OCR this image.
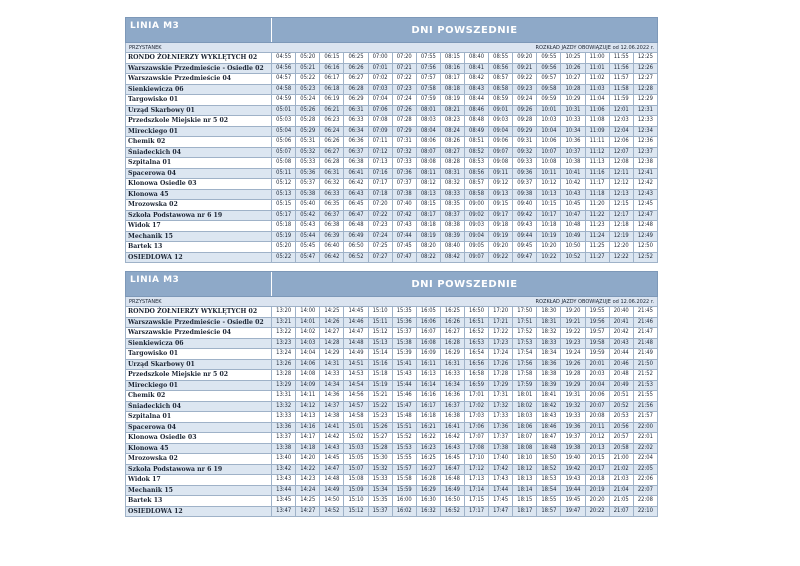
LINIA M3	DNI POWSZEDNIE
PRZYSTANEK	ROZKŁAD JAZDY OBOWIĄZUJE od 12.06.2022 r.
RONDO ŻOŁNIERZY WYKLĘTYCH 02	04:55	05:20	06:15	06:25	07:00	07:20	07:55	08:15	08:40	08:55	09:20	09:55	10:25	11:00	11:55	12:25
Warszawskie Przedmieście - Osiedle 02	04:56	05:21	06:16	06:26	07:01	07:21	07:56	08:16	08:41	08:56	09:21	09:56	10:26	11:01	11:56	12:26
Warszawskie Przedmieście 04	04:57	05:22	06:17	06:27	07:02	07:22	07:57	08:17	08:42	08:57	09:22	09:57	10:27	11:02	11:57	12:27
Sienkiewicza 06	04:58	05:23	06:18	06:28	07:03	07:23	07:58	08:18	08:43	08:58	09:23	09:58	10:28	11:03	11:58	12:28
Targowisko 01	04:59	05:24	06:19	06:29	07:04	07:24	07:59	08:19	08:44	08:59	09:24	09:59	10:29	11:04	11:59	12:29
Urząd Skarbowy 01	05:01	05:26	06:21	06:31	07:06	07:26	08:01	08:21	08:46	09:01	09:26	10:01	10:31	11:06	12:01	12:31
Przedszkole Miejskie nr 5 02	05:03	05:28	06:23	06:33	07:08	07:28	08:03	08:23	08:48	09:03	09:28	10:03	10:33	11:08	12:03	12:33
Mireckiego 01	05:04	05:29	06:24	06:34	07:09	07:29	08:04	08:24	08:49	09:04	09:29	10:04	10:34	11:09	12:04	12:34
Chemik 02	05:06	05:31	06:26	06:36	07:11	07:31	08:06	08:26	08:51	09:06	09:31	10:06	10:36	11:11	12:06	12:36
Śniadeckich 04	05:07	05:32	06:27	06:37	07:12	07:32	08:07	08:27	08:52	09:07	09:32	10:07	10:37	11:12	12:07	12:37
Szpitalna 01	05:08	05:33	06:28	06:38	07:13	07:33	08:08	08:28	08:53	09:08	09:33	10:08	10:38	11:13	12:08	12:38
Spacerowa 04	05:11	05:36	06:31	06:41	07:16	07:36	08:11	08:31	08:56	09:11	09:36	10:11	10:41	11:16	12:11	12:41
Klonowa Osiedle 03	05:12	05:37	06:32	06:42	07:17	07:37	08:12	08:32	08:57	09:12	09:37	10:12	10:42	11:17	12:12	12:42
Klonowa 45	05:13	05:38	06:33	06:43	07:18	07:38	08:13	08:33	08:58	09:13	09:38	10:13	10:43	11:18	12:13	12:43
Mrozowska 02	05:15	05:40	06:35	06:45	07:20	07:40	08:15	08:35	09:00	09:15	09:40	10:15	10:45	11:20	12:15	12:45
Szkoła Podstawowa nr 6 19	05:17	05:42	06:37	06:47	07:22	07:42	08:17	08:37	09:02	09:17	09:42	10:17	10:47	11:22	12:17	12:47
Widok 17	05:18	05:43	06:38	06:48	07:23	07:43	08:18	08:38	09:03	09:18	09:43	10:18	10:48	11:23	12:18	12:48
Mechanik 15	05:19	05:44	06:39	06:49	07:24	07:44	08:19	08:39	09:04	09:19	09:44	10:19	10:49	11:24	12:19	12:49
Bartek 13	05:20	05:45	06:40	06:50	07:25	07:45	08:20	08:40	09:05	09:20	09:45	10:20	10:50	11:25	12:20	12:50
OSIEDLOWA 12	05:22	05:47	06:42	06:52	07:27	07:47	08:22	08:42	09:07	09:22	09:47	10:22	10:52	11:27	12:22	12:52
LINIA M3	DNI POWSZEDNIE
PRZYSTANEK	ROZKŁAD JAZDY OBOWIĄZUJE od 12.06.2022 r.
RONDO ŻOŁNIERZY WYKLĘTYCH 02	13:20	14:00	14:25	14:45	15:10	15:35	16:05	16:25	16:50	17:20	17:50	18:30	19:20	19:55	20:40	21:45
Warszawskie Przedmieście - Osiedle 02	13:21	14:01	14:26	14:46	15:11	15:36	16:06	16:26	16:51	17:21	17:51	18:31	19:21	19:56	20:41	21:46
Warszawskie Przedmieście 04	13:22	14:02	14:27	14:47	15:12	15:37	16:07	16:27	16:52	17:22	17:52	18:32	19:22	19:57	20:42	21:47
Sienkiewicza 06	13:23	14:03	14:28	14:48	15:13	15:38	16:08	16:28	16:53	17:23	17:53	18:33	19:23	19:58	20:43	21:48
Targowisko 01	13:24	14:04	14:29	14:49	15:14	15:39	16:09	16:29	16:54	17:24	17:54	18:34	19:24	19:59	20:44	21:49
Urząd Skarbowy 01	13:26	14:06	14:31	14:51	15:16	15:41	16:11	16:31	16:56	17:26	17:56	18:36	19:26	20:01	20:46	21:50
Przedszkole Miejskie nr 5 02	13:28	14:08	14:33	14:53	15:18	15:43	16:13	16:33	16:58	17:28	17:58	18:38	19:28	20:03	20:48	21:52
Mireckiego 01	13:29	14:09	14:34	14:54	15:19	15:44	16:14	16:34	16:59	17:29	17:59	18:39	19:29	20:04	20:49	21:53
Chemik 02	13:31	14:11	14:36	14:56	15:21	15:46	16:16	16:36	17:01	17:31	18:01	18:41	19:31	20:06	20:51	21:55
Śniadeckich 04	13:32	14:12	14:37	14:57	15:22	15:47	16:17	16:37	17:02	17:32	18:02	18:42	19:32	20:07	20:52	21:56
Szpitalna 01	13:33	14:13	14:38	14:58	15:23	15:48	16:18	16:38	17:03	17:33	18:03	18:43	19:33	20:08	20:53	21:57
Spacerowa 04	13:36	14:16	14:41	15:01	15:26	15:51	16:21	16:41	17:06	17:36	18:06	18:46	19:36	20:11	20:56	22:00
Klonowa Osiedle 03	13:37	14:17	14:42	15:02	15:27	15:52	16:22	16:42	17:07	17:37	18:07	18:47	19:37	20:12	20:57	22:01
Klonowa 45	13:38	14:18	14:43	15:03	15:28	15:53	16:23	16:43	17:08	17:38	18:08	18:48	19:38	20:13	20:58	22:02
Mrozowska 02	13:40	14:20	14:45	15:05	15:30	15:55	16:25	16:45	17:10	17:40	18:10	18:50	19:40	20:15	21:00	22:04
Szkoła Podstawowa nr 6 19	13:42	14:22	14:47	15:07	15:32	15:57	16:27	16:47	17:12	17:42	18:12	18:52	19:42	20:17	21:02	22:05
Widok 17	13:43	14:23	14:48	15:08	15:33	15:58	16:28	16:48	17:13	17:43	18:13	18:53	19:43	20:18	21:03	22:06
Mechanik 15	13:44	14:24	14:49	15:09	15:34	15:59	16:29	16:49	17:14	17:44	18:14	18:54	19:44	20:19	21:04	22:07
Bartek 13	13:45	14:25	14:50	15:10	15:35	16:00	16:30	16:50	17:15	17:45	18:15	18:55	19:45	20:20	21:05	22:08
OSIEDLOWA 12	13:47	14:27	14:52	15:12	15:37	16:02	16:32	16:52	17:17	17:47	18:17	18:57	19:47	20:22	21:07	22:10
